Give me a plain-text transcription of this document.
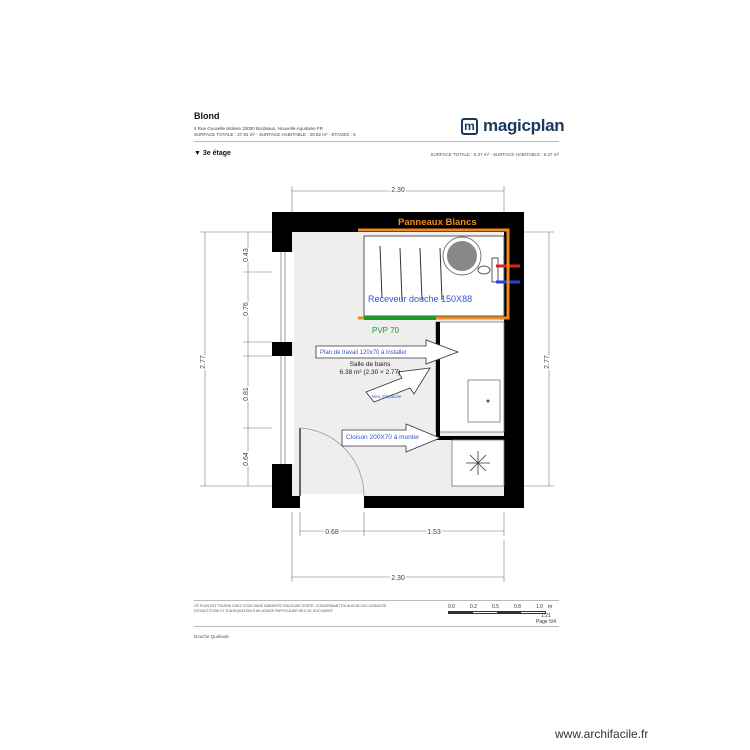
Blond
4 Rue Gouvelle Moliere 33000 Bordeaux, Nouvelle-Aquitaine FR
SURFACE TOTALE : 27.81 m² - SURFACE HABITABLE : 20.82 m² - ETAGES : 5
m magicplan
▼ 3e étage	SURFACE TOTALE : 6.37 m² - SURFACE HABITABLE : 6.37 m²
Panneaux Blancs
Receveur douche 150X88
PVP 70
Plan de travail 120x70 à installer
MAL Déplacée
Cloison 200X70 à monter
Salle de bains
6.38 m² (2.30 × 2.77)
2.30
0.68	1.53
2.30
2.77
0.43
0.76
0.81
0.64
2.77
CE PLAN EST FOURNI CHEZ VOUS SANS GARANTIE D'AUCUNE SORTE, CONCERNANT EN AUCUN CAS GARANTIE
D'EXACTITUDE ET D'ADEQUATION A UN USAGE PARTICULIER DES CE DOCUMENT
0.0	0.2	0.5	0.8	1.0 m
1:21
Page 5/4
Douche Quiétude
www.archifacile.fr
